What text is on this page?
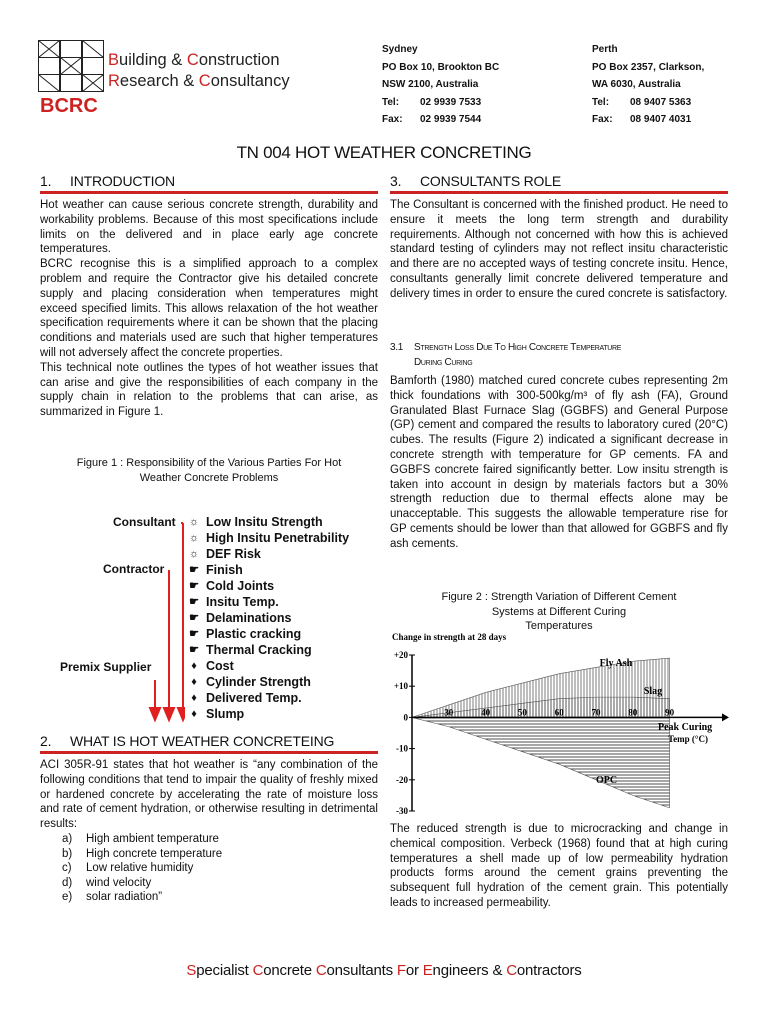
Building & Construction
Research & Consultancy
BCRC
Sydney
PO Box 10, Brookton BC
NSW 2100, Australia
Tel:	02 9939 7533
Fax:	02 9939 7544
Perth
PO Box 2357, Clarkson,
WA 6030, Australia
Tel:	08 9407 5363
Fax:	08 9407 4031
TN 004 HOT WEATHER CONCRETING
1. INTRODUCTION

Hot weather can cause serious concrete strength, durability and workability problems. Because of this most specifications include limits on the delivered and in place early age concrete temperatures.

BCRC recognise this is a simplified approach to a complex problem and require the Contractor give his detailed concrete supply and placing consideration when temperatures might exceed specified limits. This allows relaxation of the hot weather specification requirements where it can be shown that the placing conditions and materials used are such that higher temperatures will not adversely affect the concrete properties.

This technical note outlines the types of hot weather issues that can arise and give the responsibilities of each company in the supply chain in relation to the problems that can arise, as summarized in Figure 1.

Figure 1 : Responsibility of the Various Parties For Hot
Weather Concrete Problems
Consultant
Contractor
Premix Supplier
☼ Low Insitu Strength
☼ High Insitu Penetrability
☼ DEF Risk
☛ Finish
☛ Cold Joints
☛ Insitu Temp.
☛ Delaminations
☛ Plastic cracking
☛ Thermal Cracking
♦ Cost
♦ Cylinder Strength
♦ Delivered Temp.
♦ Slump
2. WHAT IS HOT WEATHER CONCRETEING

ACI 305R-91 states that hot weather is “any combination of the following conditions that tend to impair the quality of freshly mixed or hardened concrete by accelerating the rate of moisture loss and rate of cement hydration, or otherwise resulting in detrimental results:

a)	High ambient temperature
b)	High concrete temperature
c)	Low relative humidity
d)	wind velocity
e)	solar radiation”
3. CONSULTANTS ROLE

The Consultant is concerned with the finished product. He need to ensure it meets the long term strength and durability requirements. Although not concerned with how this is achieved standard testing of cylinders may not reflect insitu characteristic and there are no accepted ways of testing concrete insitu. Hence, consultants generally limit concrete delivered temperature and delivery times in order to ensure the cured concrete is satisfactory.

3.1 Strength Loss Due To High Concrete Temperature
During Curing

Bamforth (1980) matched cured concrete cubes representing 2m thick foundations with 300-500kg/m³ of fly ash (FA), Ground Granulated Blast Furnace Slag (GGBFS) and General Purpose (GP) cement and compared the results to laboratory cured (20°C) cubes. The results (Figure 2) indicated a significant decrease in concrete strength with temperature for GP cements. FA and GGBFS concrete faired significantly better. Low insitu strength is taken into account in design by materials factors but a 30% strength reduction due to thermal effects alone may be unacceptable. This suggests the allowable temperature rise for GP cements should be lower than that allowed for GGBFS and fly ash cements.

Figure 2 : Strength Variation of Different Cement
Systems at Different Curing
Temperatures
Change in strength at 28 days
+20
+10
0
-10
-20
-30
30	40	50	60	70	80	90
Fly Ash
Slag
OPC
Peak Curing
Temp (°C)

The reduced strength is due to microcracking and change in chemical composition. Verbeck (1968) found that at high curing temperatures a shell made up of low permeability hydration products forms around the cement grains preventing the subsequent full hydration of the cement grain. This potentially leads to increased permeability.

Specialist Concrete Consultants For Engineers & Contractors
